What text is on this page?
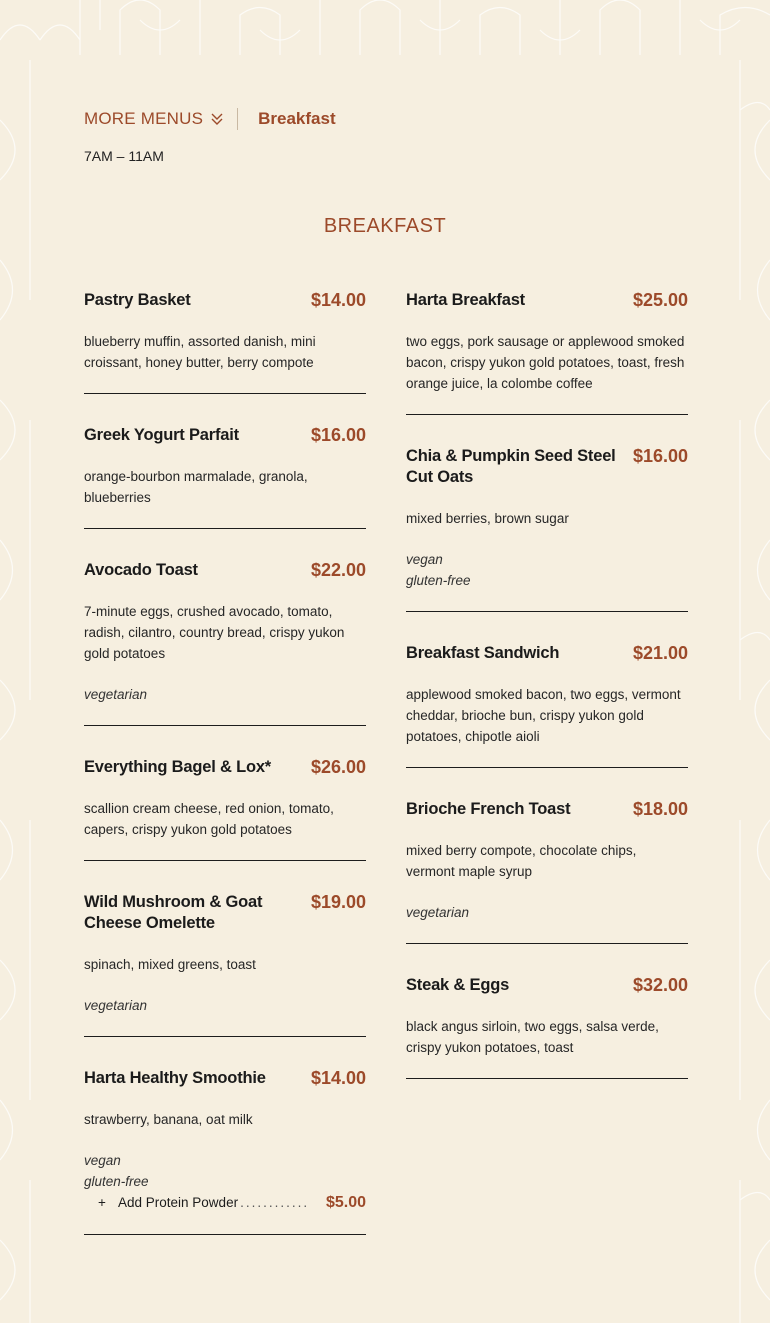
MORE MENUS	Breakfast
7AM – 11AM
BREAKFAST
Pastry Basket	$14.00
blueberry muffin, assorted danish, mini croissant, honey butter, berry compote
Greek Yogurt Parfait	$16.00
orange-bourbon marmalade, granola, blueberries
Avocado Toast	$22.00
7-minute eggs, crushed avocado, tomato, radish, cilantro, country bread, crispy yukon gold potatoes
vegetarian
Everything Bagel & Lox* $26.00
scallion cream cheese, red onion, tomato, capers, crispy yukon gold potatoes
Wild Mushroom & Goat Cheese Omelette
$19.00
spinach, mixed greens, toast
vegetarian
Harta Healthy Smoothie	$14.00
strawberry, banana, oat milk
vegan
gluten-free
+ Add Protein Powder ............	$5.00
Harta Breakfast	$25.00
two eggs, pork sausage or applewood smoked bacon, crispy yukon gold potatoes, toast, fresh orange juice, la colombe coffee
Chia & Pumpkin Seed Steel Cut Oats
$16.00
mixed berries, brown sugar
vegan
gluten-free
Breakfast Sandwich	$21.00
applewood smoked bacon, two eggs, vermont cheddar, brioche bun, crispy yukon gold potatoes, chipotle aioli
Brioche French Toast	$18.00
mixed berry compote, chocolate chips, vermont maple syrup
vegetarian
Steak & Eggs	$32.00
black angus sirloin, two eggs, salsa verde, crispy yukon potatoes, toast
